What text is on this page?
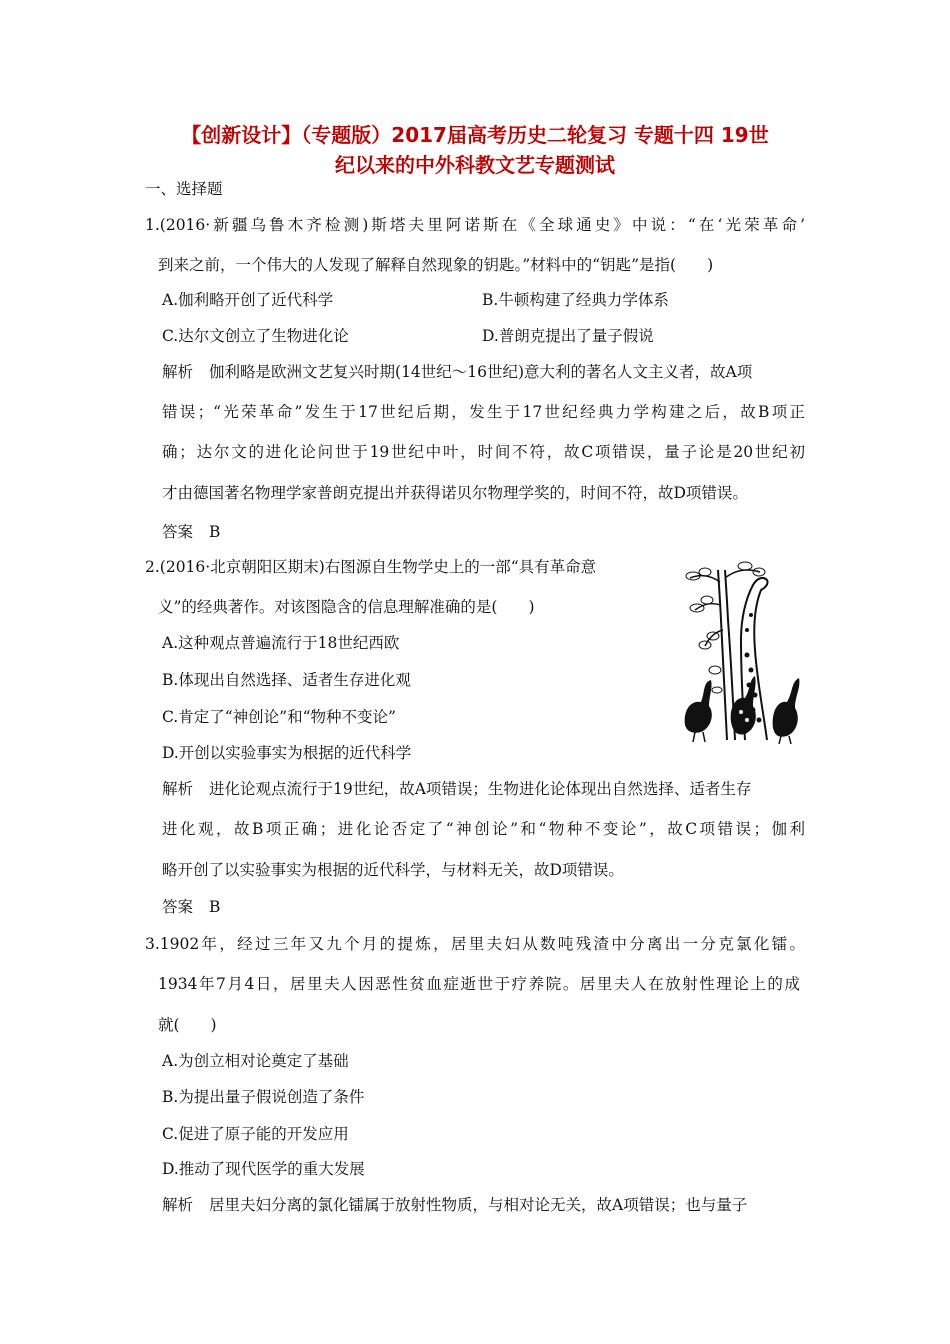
【创新设计】（专题版）2017届高考历史二轮复习 专题十四 19世
纪以来的中外科教文艺专题测试
一、选择题
1.(2016·新疆乌鲁木齐检测)斯塔夫里阿诺斯在《全球通史》中说：“在‘光荣革命’
到来之前，一个伟大的人发现了解释自然现象的钥匙。”材料中的“钥匙”是指(　　)
A.伽利略开创了近代科学	B.牛顿构建了经典力学体系
C.达尔文创立了生物进化论	D.普朗克提出了量子假说
解析 伽利略是欧洲文艺复兴时期(14世纪～16世纪)意大利的著名人文主义者，故A项
错误；“光荣革命”发生于17世纪后期，发生于17世纪经典力学构建之后，故B项正
确；达尔文的进化论问世于19世纪中叶，时间不符，故C项错误，量子论是20世纪初
才由德国著名物理学家普朗克提出并获得诺贝尔物理学奖的，时间不符，故D项错误。
答案 B
2.(2016·北京朝阳区期末)右图源自生物学史上的一部“具有革命意
义”的经典著作。对该图隐含的信息理解准确的是(　　)
A.这种观点普遍流行于18世纪西欧
B.体现出自然选择、适者生存进化观
C.肯定了“神创论”和“物种不变论”
D.开创以实验事实为根据的近代科学
解析 进化论观点流行于19世纪，故A项错误；生物进化论体现出自然选择、适者生存
进化观，故B项正确；进化论否定了“神创论”和“物种不变论”，故C项错误；伽利
略开创了以实验事实为根据的近代科学，与材料无关，故D项错误。
答案 B
3.1902年，经过三年又九个月的提炼，居里夫妇从数吨残渣中分离出一分克氯化镭。
1934年7月4日，居里夫人因恶性贫血症逝世于疗养院。居里夫人在放射性理论上的成
就(　　)
A.为创立相对论奠定了基础
B.为提出量子假说创造了条件
C.促进了原子能的开发应用
D.推动了现代医学的重大发展
解析 居里夫妇分离的氯化镭属于放射性物质，与相对论无关，故A项错误；也与量子
